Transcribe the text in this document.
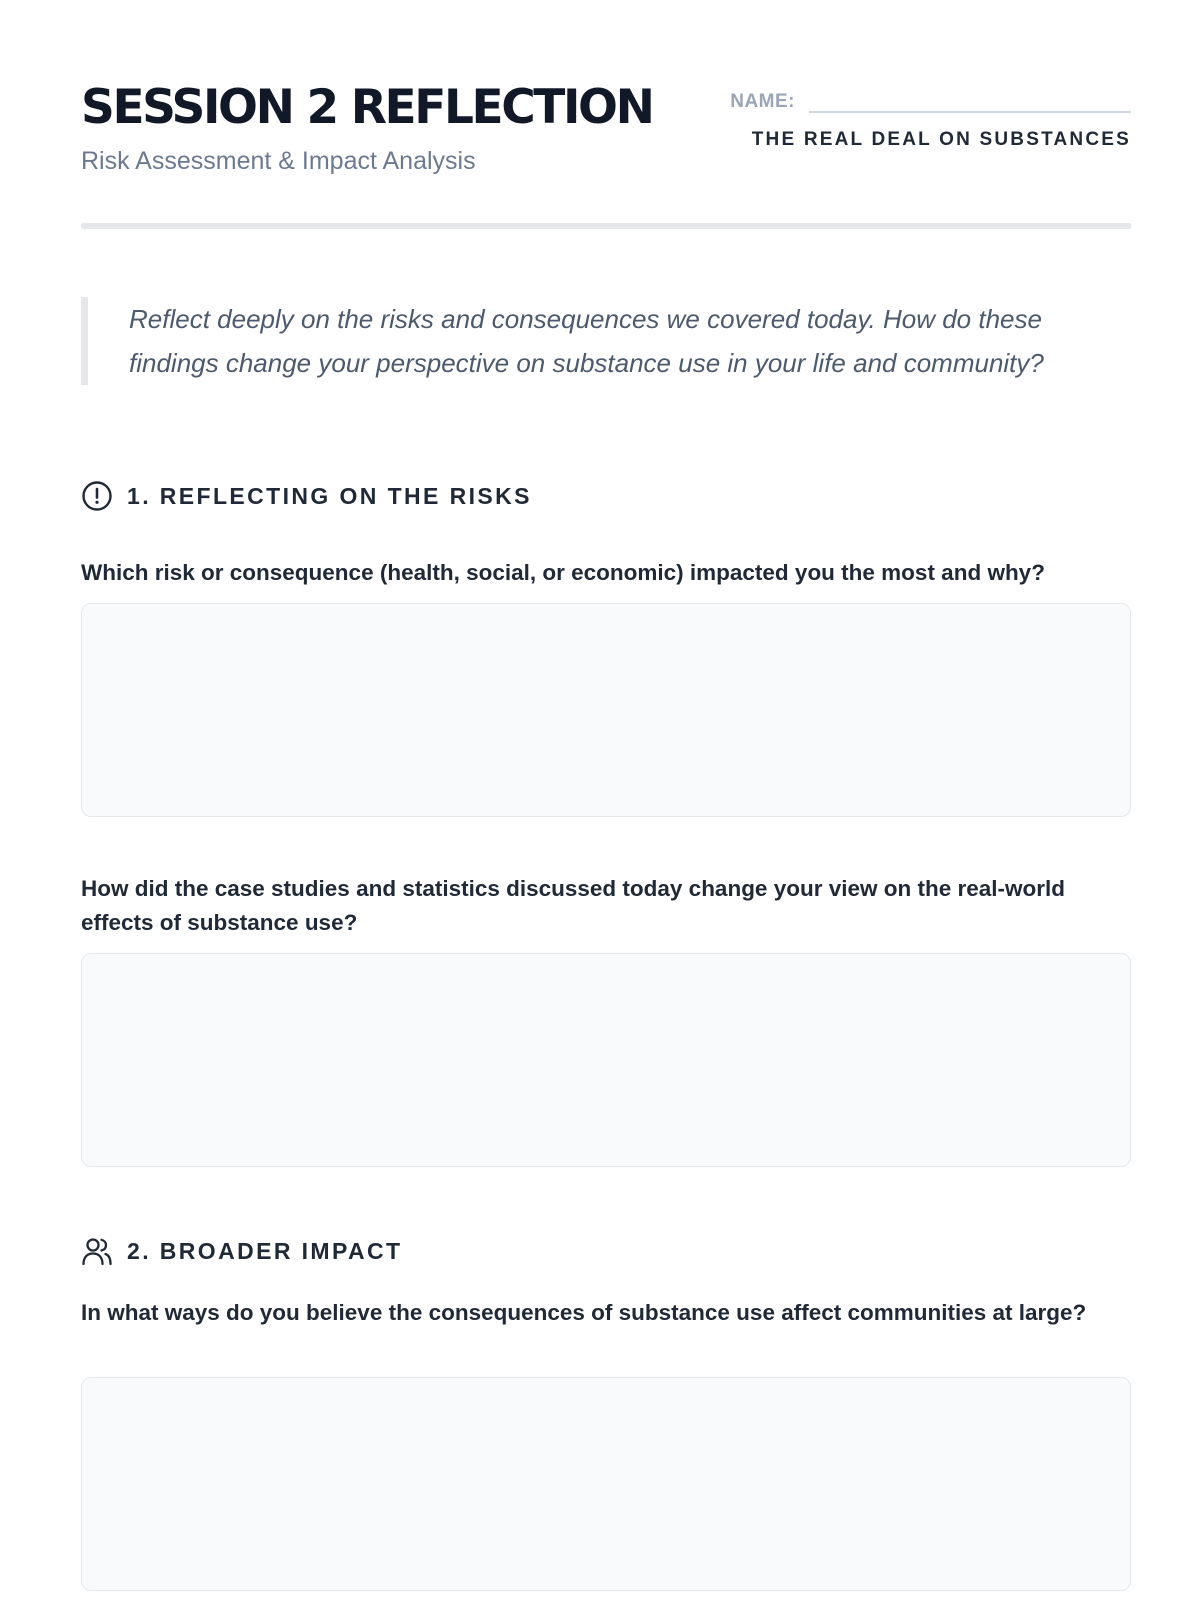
SESSION 2 REFLECTION
Risk Assessment & Impact Analysis
NAME:
THE REAL DEAL ON SUBSTANCES
Reflect deeply on the risks and consequences we covered today. How do these findings change your perspective on substance use in your life and community?
1. REFLECTING ON THE RISKS
Which risk or consequence (health, social, or economic) impacted you the most and why?
How did the case studies and statistics discussed today change your view on the real-world effects of substance use?
2. BROADER IMPACT
In what ways do you believe the consequences of substance use affect communities at large?
